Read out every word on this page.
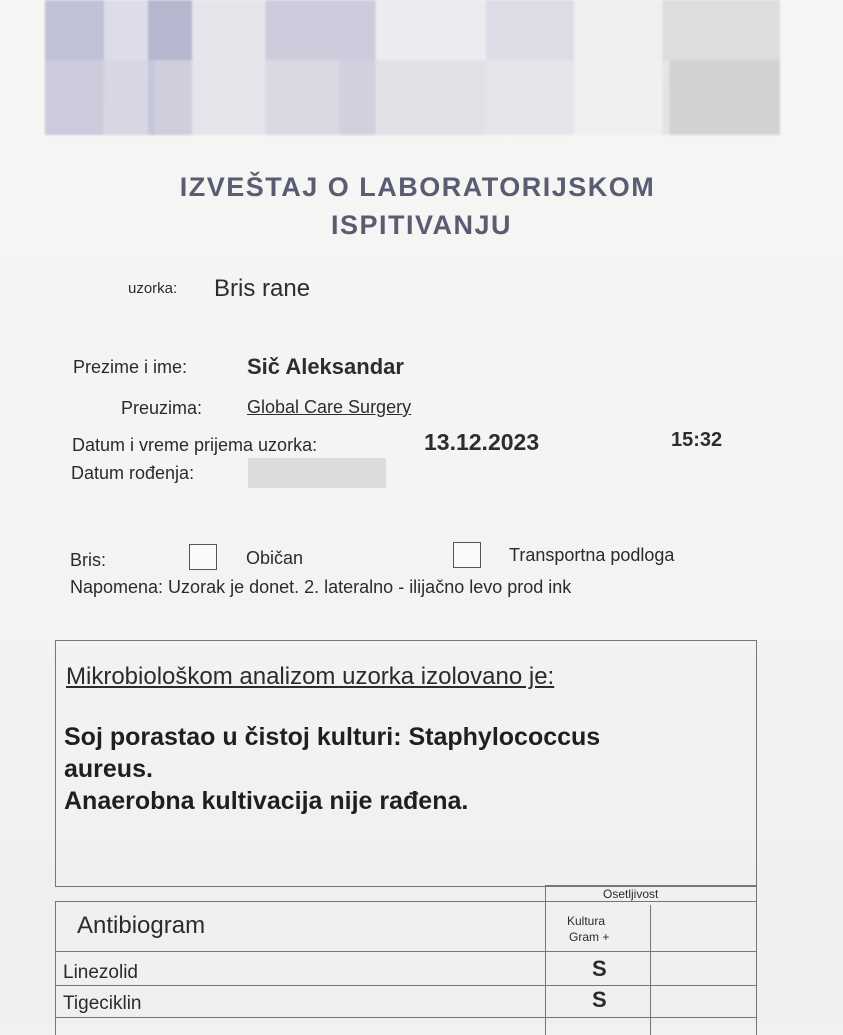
IZVEŠTAJ O LABORATORIJSKOM
ISPITIVANJU
uzorka: Bris rane
Prezime i ime:	Sič Aleksandar
Preuzima: Global Care Surgery
Datum i vreme prijema uzorka:	13.12.2023	15:32
Datum rođenja:
Bris:	Običan	Transportna podloga
Napomena: Uzorak je donet. 2. lateralno - ilijačno levo prod ink
Mikrobiološkom analizom uzorka izolovano je:
Soj porastao u čistoj kulturi: Staphylococcus
aureus.
Anaerobna kultivacija nije rađena.
Osetljivost
Antibiogram	Kultura
Gram +
Linezolid	S
Tigeciklin	S
